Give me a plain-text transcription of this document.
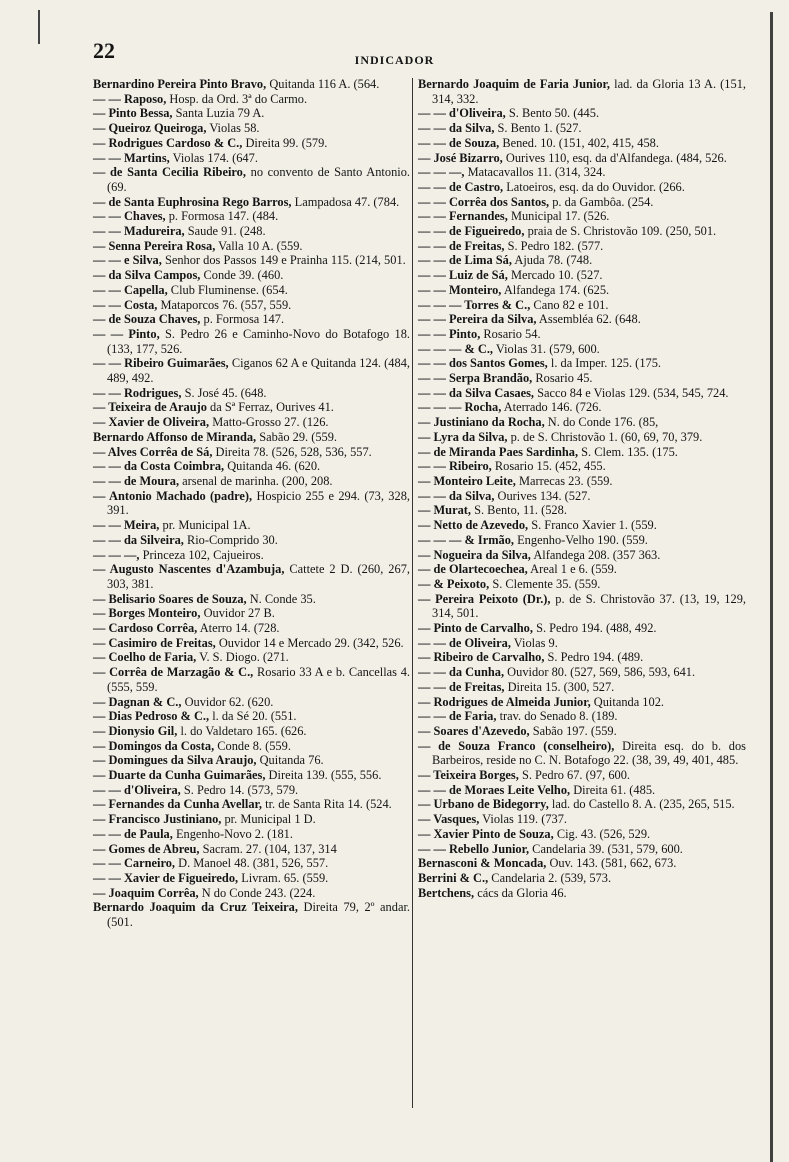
22	INDICADOR

Bernardino Pereira Pinto Bravo, Quitanda 116 A. (564.

— — Raposo, Hosp. da Ord. 3ª do Carmo.

— Pinto Bessa, Santa Luzia 79 A.

— Queiroz Queiroga, Violas 58.

— Rodrigues Cardoso & C., Direita 99. (579.

— — Martins, Violas 174. (647.

— de Santa Cecilia Ribeiro, no convento de Santo Antonio. (69.

— de Santa Euphrosina Rego Barros, Lampadosa 47. (784.

— — Chaves, p. Formosa 147. (484.

— — Madureira, Saude 91. (248.

— Senna Pereira Rosa, Valla 10 A. (559.

— — e Silva, Senhor dos Passos 149 e Prainha 115. (214, 501.

— da Silva Campos, Conde 39. (460.

— — Capella, Club Fluminense. (654.

— — Costa, Mataporcos 76. (557, 559.

— de Souza Chaves, p. Formosa 147.

— — Pinto, S. Pedro 26 e Caminho-Novo do Botafogo 18. (133, 177, 526.

— — Ribeiro Guimarães, Ciganos 62 A e Quitanda 124. (484, 489, 492.

— — Rodrigues, S. José 45. (648.

— Teixeira de Araujo da Sª Ferraz, Ourives 41.

— Xavier de Oliveira, Matto-Grosso 27. (126.

Bernardo Affonso de Miranda, Sabão 29. (559.

— Alves Corrêa de Sá, Direita 78. (526, 528, 536, 557.

— — da Costa Coimbra, Quitanda 46. (620.

— — de Moura, arsenal de marinha. (200, 208.

— Antonio Machado (padre), Hospicio 255 e 294. (73, 328, 391.

— — Meira, pr. Municipal 1A.

— — da Silveira, Rio-Comprido 30.

— — —, Princeza 102, Cajueiros.

— Augusto Nascentes d'Azambuja, Cattete 2 D. (260, 267, 303, 381.

— Belisario Soares de Souza, N. Conde 35.

— Borges Monteiro, Ouvidor 27 B.

— Cardoso Corrêa, Aterro 14. (728.

— Casimiro de Freitas, Ouvidor 14 e Mercado 29. (342, 526.

— Coelho de Faria, V. S. Diogo. (271.

— Corrêa de Marzagão & C., Rosario 33 A e b. Cancellas 4. (555, 559.

— Dagnan & C., Ouvidor 62. (620.

— Dias Pedroso & C., l. da Sé 20. (551.

— Dionysio Gil, l. do Valdetaro 165. (626.

— Domingos da Costa, Conde 8. (559.

— Domingues da Silva Araujo, Quitanda 76.

— Duarte da Cunha Guimarães, Direita 139. (555, 556.

— — d'Oliveira, S. Pedro 14. (573, 579.

— Fernandes da Cunha Avellar, tr. de Santa Rita 14. (524.

— Francisco Justiniano, pr. Municipal 1 D.

— — de Paula, Engenho-Novo 2. (181.

— Gomes de Abreu, Sacram. 27. (104, 137, 314

— — Carneiro, D. Manoel 48. (381, 526, 557.

— — Xavier de Figueiredo, Livram. 65. (559.

— Joaquim Corrêa, N do Conde 243. (224.

Bernardo Joaquim da Cruz Teixeira, Direita 79, 2º andar. (501.

Bernardo Joaquim de Faria Junior, lad. da Gloria 13 A. (151, 314, 332.

— — d'Oliveira, S. Bento 50. (445.

— — da Silva, S. Bento 1. (527.

— — de Souza, Bened. 10. (151, 402, 415, 458.

— José Bizarro, Ourives 110, esq. da d'Alfandega. (484, 526.

— — —, Matacavallos 11. (314, 324.

— — de Castro, Latoeiros, esq. da do Ouvidor. (266.

— — Corrêa dos Santos, p. da Gambôa. (254.

— — Fernandes, Municipal 17. (526.

— — de Figueiredo, praia de S. Christovão 109. (250, 501.

— — de Freitas, S. Pedro 182. (577.

— — de Lima Sá, Ajuda 78. (748.

— — Luiz de Sá, Mercado 10. (527.

— — Monteiro, Alfandega 174. (625.

— — — Torres & C., Cano 82 e 101.

— — Pereira da Silva, Assembléa 62. (648.

— — Pinto, Rosario 54.

— — — & C., Violas 31. (579, 600.

— — dos Santos Gomes, l. da Imper. 125. (175.

— — Serpa Brandão, Rosario 45.

— — da Silva Casaes, Sacco 84 e Violas 129. (534, 545, 724.

— — — Rocha, Aterrado 146. (726.

— Justiniano da Rocha, N. do Conde 176. (85,

— Lyra da Silva, p. de S. Christovão 1. (60, 69, 70, 379.

— de Miranda Paes Sardinha, S. Clem. 135. (175.

— — Ribeiro, Rosario 15. (452, 455.

— Monteiro Leite, Marrecas 23. (559.

— — da Silva, Ourives 134. (527.

— Murat, S. Bento, 11. (528.

— Netto de Azevedo, S. Franco Xavier 1. (559.

— — — & Irmão, Engenho-Velho 190. (559.

— Nogueira da Silva, Alfandega 208. (357 363.

— de Olartecoechea, Areal 1 e 6. (559.

— & Peixoto, S. Clemente 35. (559.

— Pereira Peixoto (Dr.), p. de S. Christovão 37. (13, 19, 129, 314, 501.

— Pinto de Carvalho, S. Pedro 194. (488, 492.

— — de Oliveira, Violas 9.

— Ribeiro de Carvalho, S. Pedro 194. (489.

— — da Cunha, Ouvidor 80. (527, 569, 586, 593, 641.

— — de Freitas, Direita 15. (300, 527.

— Rodrigues de Almeida Junior, Quitanda 102.

— — de Faria, trav. do Senado 8. (189.

— Soares d'Azevedo, Sabão 197. (559.

— de Souza Franco (conselheiro), Direita esq. do b. dos Barbeiros, reside no C. N. Botafogo 22. (38, 39, 49, 401, 485.

— Teixeira Borges, S. Pedro 67. (97, 600.

— — de Moraes Leite Velho, Direita 61. (485.

— Urbano de Bidegorry, lad. do Castello 8. A. (235, 265, 515.

— Vasques, Violas 119. (737.

— Xavier Pinto de Souza, Cig. 43. (526, 529.

— — Rebello Junior, Candelaria 39. (531, 579, 600.

Bernasconi & Moncada, Ouv. 143. (581, 662, 673.

Berrini & C., Candelaria 2. (539, 573.

Bertchens, cács da Gloria 46.
